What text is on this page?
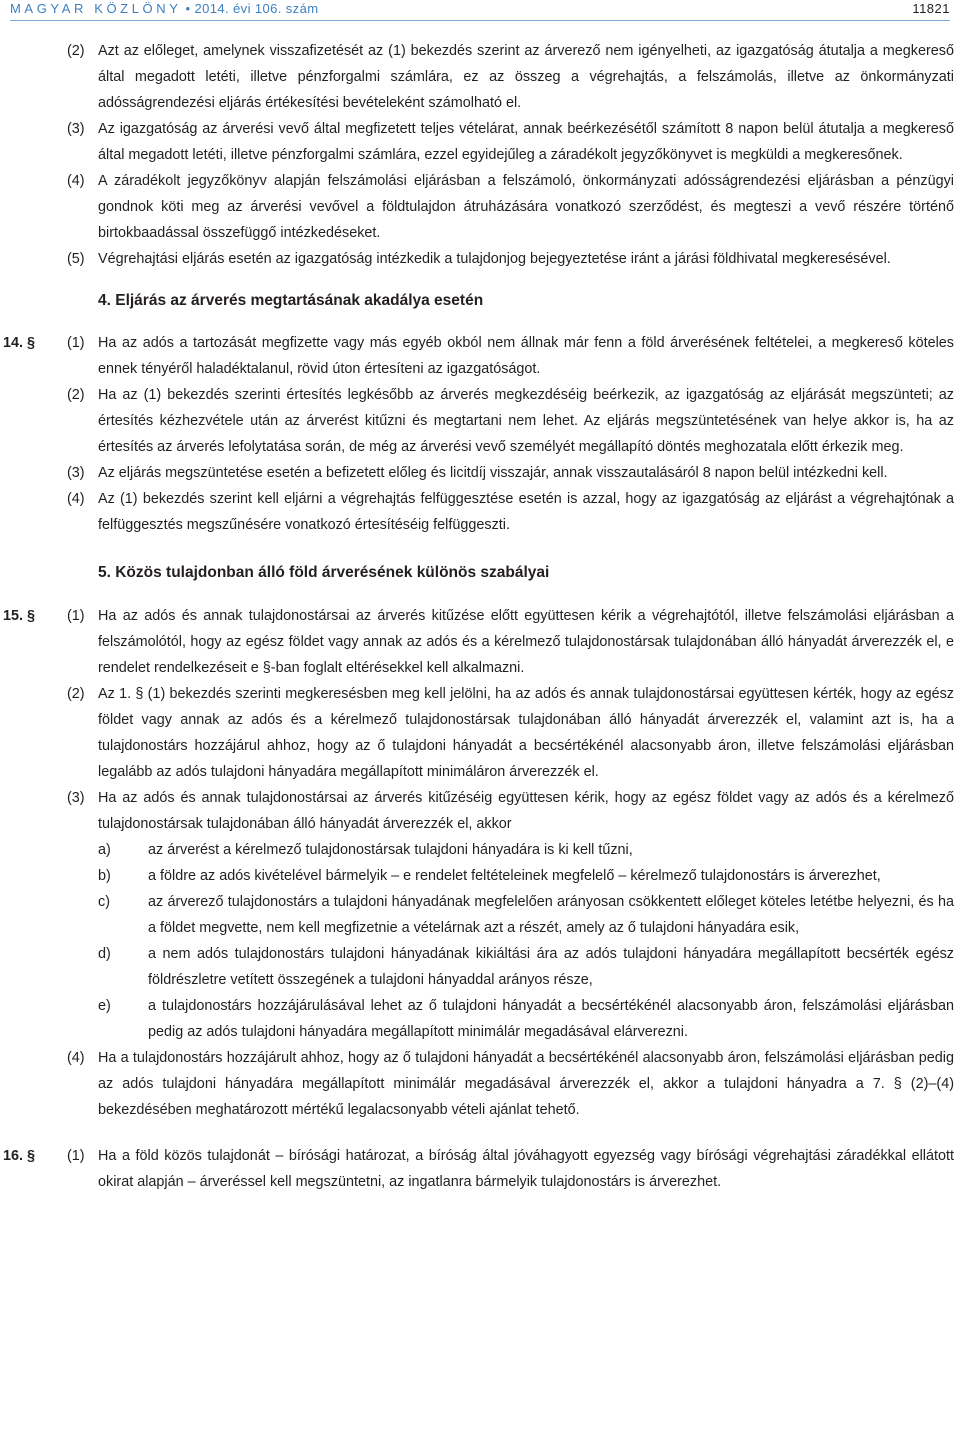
MAGYAR KÖZLÖNY • 2014. évi 106. szám	11821
(2) Azt az előleget, amelynek visszafizetését az (1) bekezdés szerint az árverező nem igényelheti, az igazgatóság átutalja a megkereső által megadott letéti, illetve pénzforgalmi számlára, ez az összeg a végrehajtás, a felszámolás, illetve az önkormányzati adósságrendezési eljárás értékesítési bevételeként számolható el.
(3) Az igazgatóság az árverési vevő által megfizetett teljes vételárat, annak beérkezésétől számított 8 napon belül átutalja a megkereső által megadott letéti, illetve pénzforgalmi számlára, ezzel egyidejűleg a záradékolt jegyzőkönyvet is megküldi a megkeresőnek.
(4) A záradékolt jegyzőkönyv alapján felszámolási eljárásban a felszámoló, önkormányzati adósságrendezési eljárásban a pénzügyi gondnok köti meg az árverési vevővel a földtulajdon átruházására vonatkozó szerződést, és megteszi a vevő részére történő birtokbaadással összefüggő intézkedéseket.
(5) Végrehajtási eljárás esetén az igazgatóság intézkedik a tulajdonjog bejegyeztetése iránt a járási földhivatal megkeresésével.
4. Eljárás az árverés megtartásának akadálya esetén
14. § (1) Ha az adós a tartozását megfizette vagy más egyéb okból nem állnak már fenn a föld árverésének feltételei, a megkereső köteles ennek tényéről haladéktalanul, rövid úton értesíteni az igazgatóságot.
(2) Ha az (1) bekezdés szerinti értesítés legkésőbb az árverés megkezdéséig beérkezik, az igazgatóság az eljárását megszünteti; az értesítés kézhezvétele után az árverést kitűzni és megtartani nem lehet. Az eljárás megszüntetésének van helye akkor is, ha az értesítés az árverés lefolytatása során, de még az árverési vevő személyét megállapító döntés meghozatala előtt érkezik meg.
(3) Az eljárás megszüntetése esetén a befizetett előleg és licitdíj visszajár, annak visszautalásáról 8 napon belül intézkedni kell.
(4) Az (1) bekezdés szerint kell eljárni a végrehajtás felfüggesztése esetén is azzal, hogy az igazgatóság az eljárást a végrehajtónak a felfüggesztés megszűnésére vonatkozó értesítéséig felfüggeszti.
5. Közös tulajdonban álló föld árverésének különös szabályai
15. § (1) Ha az adós és annak tulajdonostársai az árverés kitűzése előtt együttesen kérik a végrehajtótól, illetve felszámolási eljárásban a felszámolótól, hogy az egész földet vagy annak az adós és a kérelmező tulajdonostársak tulajdonában álló hányadát árverezzék el, e rendelet rendelkezéseit e §-ban foglalt eltérésekkel kell alkalmazni.
(2) Az 1. § (1) bekezdés szerinti megkeresésben meg kell jelölni, ha az adós és annak tulajdonostársai együttesen kérték, hogy az egész földet vagy annak az adós és a kérelmező tulajdonostársak tulajdonában álló hányadát árverezzék el, valamint azt is, ha a tulajdonostárs hozzájárul ahhoz, hogy az ő tulajdoni hányadát a becsértékénél alacsonyabb áron, illetve felszámolási eljárásban legalább az adós tulajdoni hányadára megállapított minimáláron árverezzék el.
(3) Ha az adós és annak tulajdonostársai az árverés kitűzéséig együttesen kérik, hogy az egész földet vagy az adós és a kérelmező tulajdonostársak tulajdonában álló hányadát árverezzék el, akkor
a)	az árverést a kérelmező tulajdonostársak tulajdoni hányadára is ki kell tűzni,
b)	a földre az adós kivételével bármelyik – e rendelet feltételeinek megfelelő – kérelmező tulajdonostárs is árverezhet,
c)	az árverező tulajdonostárs a tulajdoni hányadának megfelelően arányosan csökkentett előleget köteles letétbe helyezni, és ha a földet megvette, nem kell megfizetnie a vételárnak azt a részét, amely az ő tulajdoni hányadára esik,
d)	a nem adós tulajdonostárs tulajdoni hányadának kikiáltási ára az adós tulajdoni hányadára megállapított becsérték egész földrészletre vetített összegének a tulajdoni hányaddal arányos része,
e)	a tulajdonostárs hozzájárulásával lehet az ő tulajdoni hányadát a becsértékénél alacsonyabb áron, felszámolási eljárásban pedig az adós tulajdoni hányadára megállapított minimálár megadásával elárverezni.
(4) Ha a tulajdonostárs hozzájárult ahhoz, hogy az ő tulajdoni hányadát a becsértékénél alacsonyabb áron, felszámolási eljárásban pedig az adós tulajdoni hányadára megállapított minimálár megadásával árverezzék el, akkor a tulajdoni hányadra a 7. § (2)–(4) bekezdésében meghatározott mértékű legalacsonyabb vételi ajánlat tehető.
16. § (1) Ha a föld közös tulajdonát – bírósági határozat, a bíróság által jóváhagyott egyezség vagy bírósági végrehajtási záradékkal ellátott okirat alapján – árveréssel kell megszüntetni, az ingatlanra bármelyik tulajdonostárs is árverezhet.
